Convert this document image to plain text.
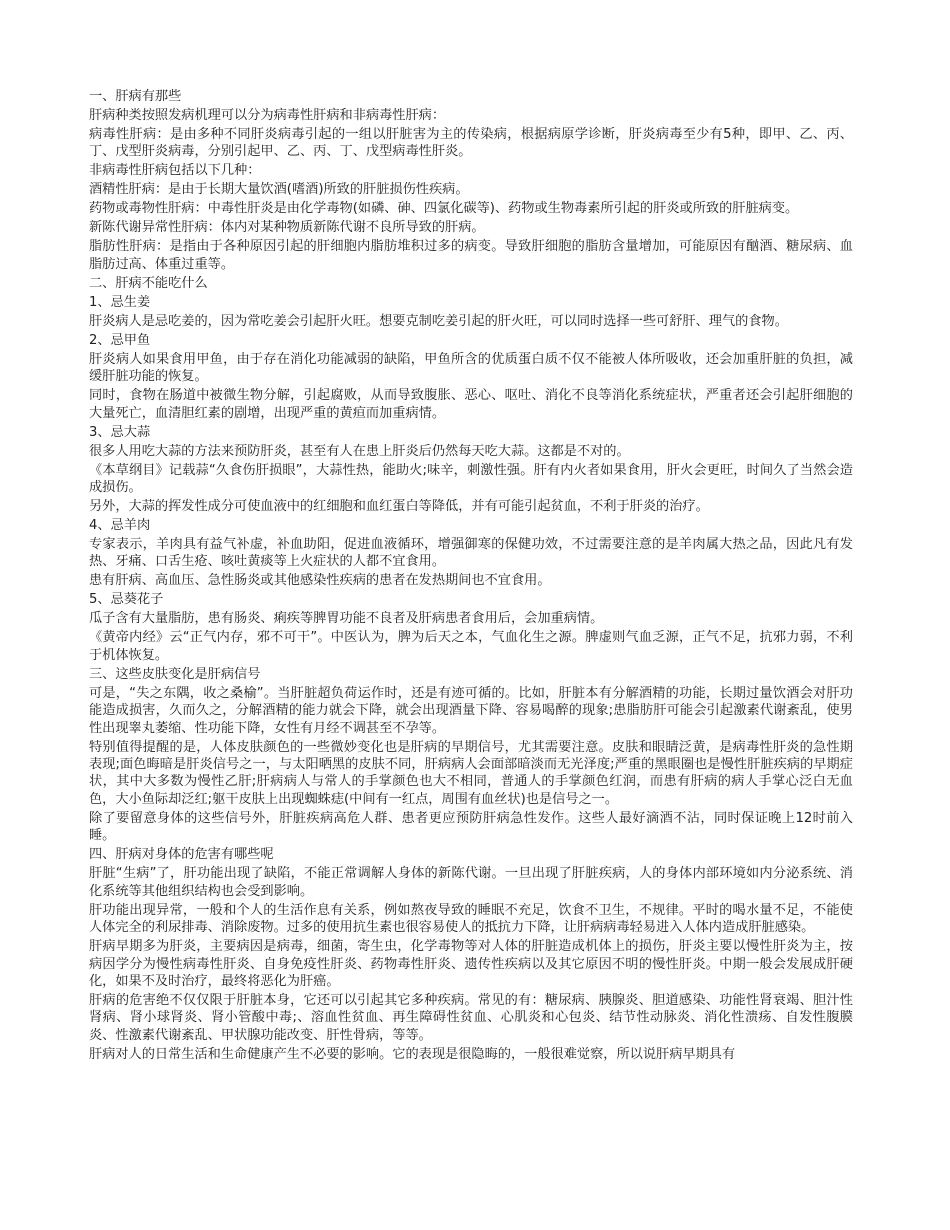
一、肝病有那些

肝病种类按照发病机理可以分为病毒性肝病和非病毒性肝病：

病毒性肝病：是由多种不同肝炎病毒引起的一组以肝脏害为主的传染病，根据病原学诊断，肝炎病毒至少有5种，即甲、乙、丙、丁、戊型肝炎病毒，分别引起甲、乙、丙、丁、戊型病毒性肝炎。

非病毒性肝病包括以下几种：

酒精性肝病：是由于长期大量饮酒(嗜酒)所致的肝脏损伤性疾病。

药物或毒物性肝病：中毒性肝炎是由化学毒物(如磷、砷、四氯化碳等)、药物或生物毒素所引起的肝炎或所致的肝脏病变。

新陈代谢异常性肝病：体内对某种物质新陈代谢不良所导致的肝病。

脂肪性肝病：是指由于各种原因引起的肝细胞内脂肪堆积过多的病变。导致肝细胞的脂肪含量增加，可能原因有酗酒、糖尿病、血脂肪过高、体重过重等。

二、肝病不能吃什么

1、忌生姜

肝炎病人是忌吃姜的，因为常吃姜会引起肝火旺。想要克制吃姜引起的肝火旺，可以同时选择一些可舒肝、理气的食物。

2、忌甲鱼

肝炎病人如果食用甲鱼，由于存在消化功能减弱的缺陷，甲鱼所含的优质蛋白质不仅不能被人体所吸收，还会加重肝脏的负担，减缓肝脏功能的恢复。

同时，食物在肠道中被微生物分解，引起腐败，从而导致腹胀、恶心、呕吐、消化不良等消化系统症状，严重者还会引起肝细胞的大量死亡，血清胆红素的剧增，出现严重的黄疸而加重病情。

3、忌大蒜

很多人用吃大蒜的方法来预防肝炎，甚至有人在患上肝炎后仍然每天吃大蒜。这都是不对的。

《本草纲目》记载蒜“久食伤肝损眼”，大蒜性热，能助火;味辛，刺激性强。肝有内火者如果食用，肝火会更旺，时间久了当然会造成损伤。

另外，大蒜的挥发性成分可使血液中的红细胞和血红蛋白等降低，并有可能引起贫血，不利于肝炎的治疗。

4、忌羊肉

专家表示，羊肉具有益气补虚，补血助阳，促进血液循环，增强御寒的保健功效，不过需要注意的是羊肉属大热之品，因此凡有发热、牙痛、口舌生疮、咳吐黄痰等上火症状的人都不宜食用。

患有肝病、高血压、急性肠炎或其他感染性疾病的患者在发热期间也不宜食用。

5、忌葵花子

瓜子含有大量脂肪，患有肠炎、痢疾等脾胃功能不良者及肝病患者食用后，会加重病情。

《黄帝内经》云“正气内存，邪不可干”。中医认为，脾为后天之本，气血化生之源。脾虚则气血乏源，正气不足，抗邪力弱，不利于机体恢复。

三、这些皮肤变化是肝病信号

可是，“失之东隅，收之桑榆”。当肝脏超负荷运作时，还是有迹可循的。比如，肝脏本有分解酒精的功能，长期过量饮酒会对肝功能造成损害，久而久之，分解酒精的能力就会下降，就会出现酒量下降、容易喝醉的现象;患脂肪肝可能会引起激素代谢紊乱，使男性出现睾丸萎缩、性功能下降，女性有月经不调甚至不孕等。

特别值得提醒的是，人体皮肤颜色的一些微妙变化也是肝病的早期信号，尤其需要注意。皮肤和眼睛泛黄，是病毒性肝炎的急性期表现;面色晦暗是肝炎信号之一，与太阳晒黑的皮肤不同，肝病病人会面部暗淡而无光泽度;严重的黑眼圈也是慢性肝脏疾病的早期症状，其中大多数为慢性乙肝;肝病病人与常人的手掌颜色也大不相同，普通人的手掌颜色红润，而患有肝病的病人手掌心泛白无血色，大小鱼际却泛红;躯干皮肤上出现蜘蛛痣(中间有一红点，周围有血丝状)也是信号之一。

除了要留意身体的这些信号外，肝脏疾病高危人群、患者更应预防肝病急性发作。这些人最好滴酒不沾，同时保证晚上12时前入睡。

四、肝病对身体的危害有哪些呢

肝脏“生病”了，肝功能出现了缺陷，不能正常调解人身体的新陈代谢。一旦出现了肝脏疾病，人的身体内部环境如内分泌系统、消化系统等其他组织结构也会受到影响。

肝功能出现异常，一般和个人的生活作息有关系，例如熬夜导致的睡眠不充足，饮食不卫生，不规律。平时的喝水量不足，不能使人体完全的利尿排毒、消除废物。过多的使用抗生素也很容易使人的抵抗力下降，让肝病病毒轻易进入人体内造成肝脏感染。

肝病早期多为肝炎，主要病因是病毒，细菌，寄生虫，化学毒物等对人体的肝脏造成机体上的损伤，肝炎主要以慢性肝炎为主，按病因学分为慢性病毒性肝炎、自身免疫性肝炎、药物毒性肝炎、遗传性疾病以及其它原因不明的慢性肝炎。中期一般会发展成肝硬化，如果不及时治疗，最终将恶化为肝癌。

肝病的危害绝不仅仅限于肝脏本身，它还可以引起其它多种疾病。常见的有：糖尿病、胰腺炎、胆道感染、功能性肾衰竭、胆汁性肾病、肾小球肾炎、肾小管酸中毒;、溶血性贫血、再生障碍性贫血、心肌炎和心包炎、结节性动脉炎、消化性溃疡、自发性腹膜炎、性激素代谢紊乱、甲状腺功能改变、肝性骨病，等等。

肝病对人的日常生活和生命健康产生不必要的影响。它的表现是很隐晦的，一般很难觉察，所以说肝病早期具有
